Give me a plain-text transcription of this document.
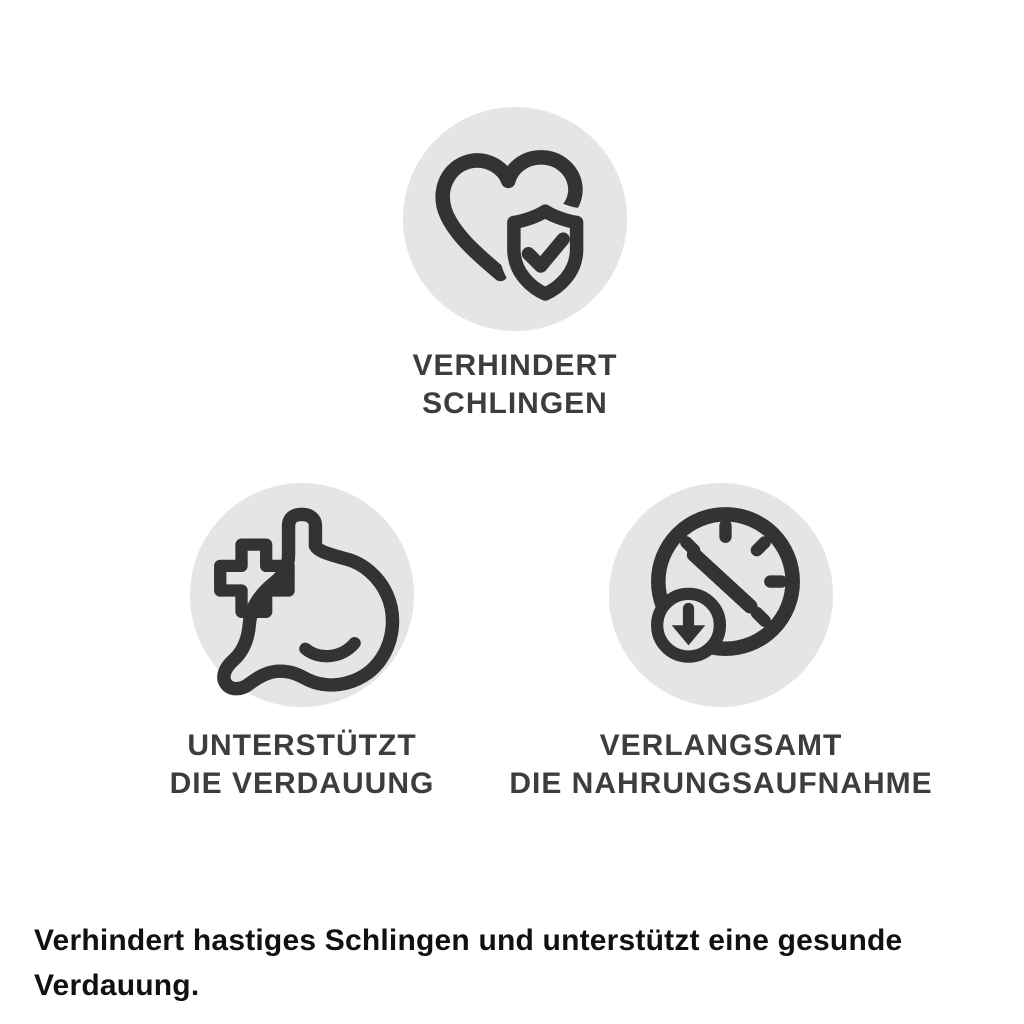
VERHINDERT
SCHLINGEN
UNTERSTÜTZT
DIE VERDAUUNG
VERLANGSAMT
DIE NAHRUNGSAUFNAHME
Verhindert hastiges Schlingen und unterstützt eine gesunde Verdauung.
